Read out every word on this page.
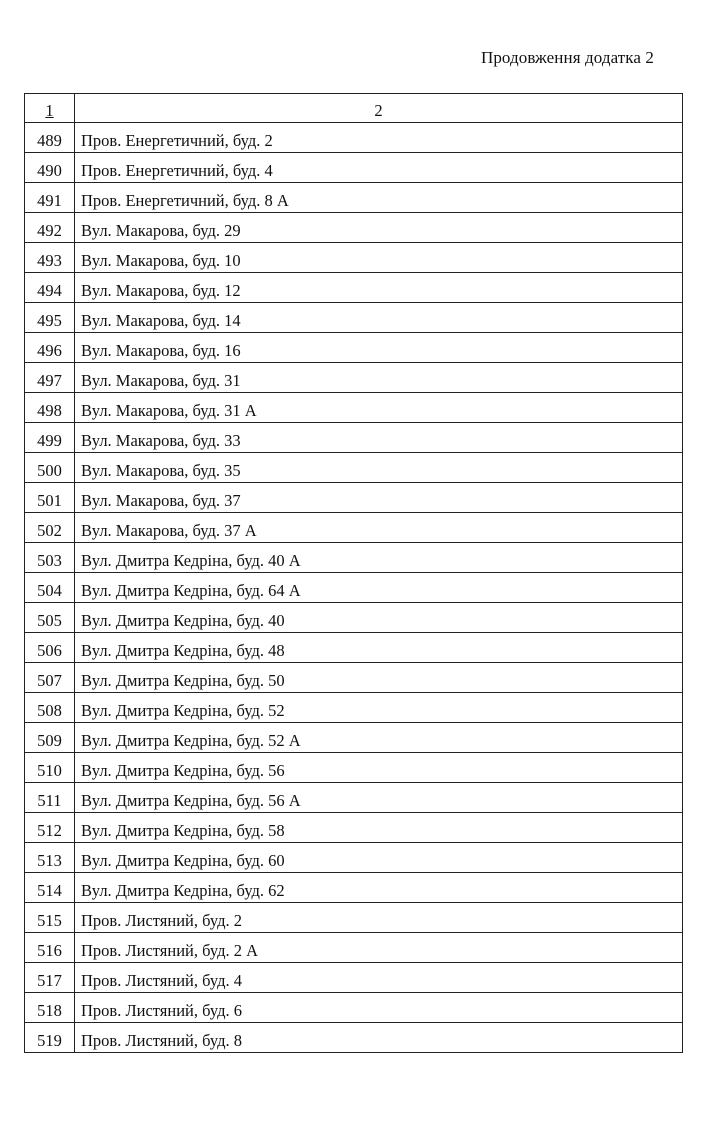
Продовження додатка 2
1	2
489	Пров. Енергетичний, буд. 2
490	Пров. Енергетичний, буд. 4
491	Пров. Енергетичний, буд. 8 А
492	Вул. Макарова, буд. 29
493	Вул. Макарова, буд. 10
494	Вул. Макарова, буд. 12
495	Вул. Макарова, буд. 14
496	Вул. Макарова, буд. 16
497	Вул. Макарова, буд. 31
498	Вул. Макарова, буд. 31 А
499	Вул. Макарова, буд. 33
500	Вул. Макарова, буд. 35
501	Вул. Макарова, буд. 37
502	Вул. Макарова, буд. 37 А
503	Вул. Дмитра Кедріна, буд. 40 А
504	Вул. Дмитра Кедріна, буд. 64 А
505	Вул. Дмитра Кедріна, буд. 40
506	Вул. Дмитра Кедріна, буд. 48
507	Вул. Дмитра Кедріна, буд. 50
508	Вул. Дмитра Кедріна, буд. 52
509	Вул. Дмитра Кедріна, буд. 52 А
510	Вул. Дмитра Кедріна, буд. 56
511	Вул. Дмитра Кедріна, буд. 56 А
512	Вул. Дмитра Кедріна, буд. 58
513	Вул. Дмитра Кедріна, буд. 60
514	Вул. Дмитра Кедріна, буд. 62
515	Пров. Листяний, буд. 2
516	Пров. Листяний, буд. 2 А
517	Пров. Листяний, буд. 4
518	Пров. Листяний, буд. 6
519	Пров. Листяний, буд. 8
